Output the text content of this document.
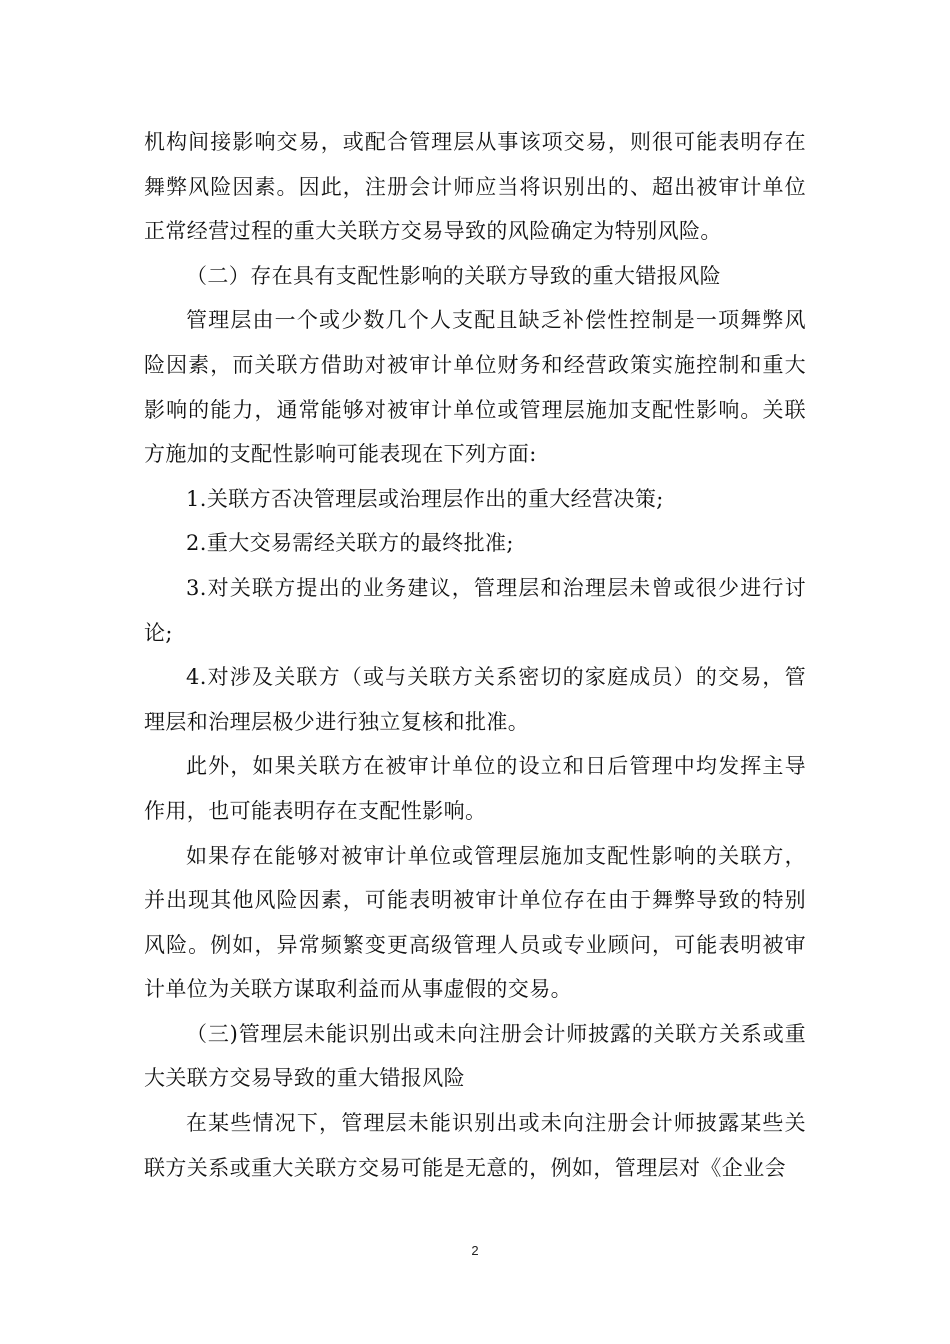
机构间接影响交易，或配合管理层从事该项交易，则很可能表明存在舞弊风险因素。因此，注册会计师应当将识别出的、超出被审计单位正常经营过程的重大关联方交易导致的风险确定为特别风险。

（二）存在具有支配性影响的关联方导致的重大错报风险

管理层由一个或少数几个人支配且缺乏补偿性控制是一项舞弊风险因素，而关联方借助对被审计单位财务和经营政策实施控制和重大影响的能力，通常能够对被审计单位或管理层施加支配性影响。关联方施加的支配性影响可能表现在下列方面:

1.关联方否决管理层或治理层作出的重大经营决策;

2.重大交易需经关联方的最终批准;

3.对关联方提出的业务建议，管理层和治理层未曾或很少进行讨论;

4.对涉及关联方（或与关联方关系密切的家庭成员）的交易，管理层和治理层极少进行独立复核和批准。

此外，如果关联方在被审计单位的设立和日后管理中均发挥主导作用，也可能表明存在支配性影响。

如果存在能够对被审计单位或管理层施加支配性影响的关联方，并出现其他风险因素，可能表明被审计单位存在由于舞弊导致的特别风险。例如，异常频繁变更高级管理人员或专业顾问，可能表明被审计单位为关联方谋取利益而从事虚假的交易。

（三)管理层未能识别出或未向注册会计师披露的关联方关系或重大关联方交易导致的重大错报风险

在某些情况下，管理层未能识别出或未向注册会计师披露某些关联方关系或重大关联方交易可能是无意的，例如，管理层对《企业会

2
